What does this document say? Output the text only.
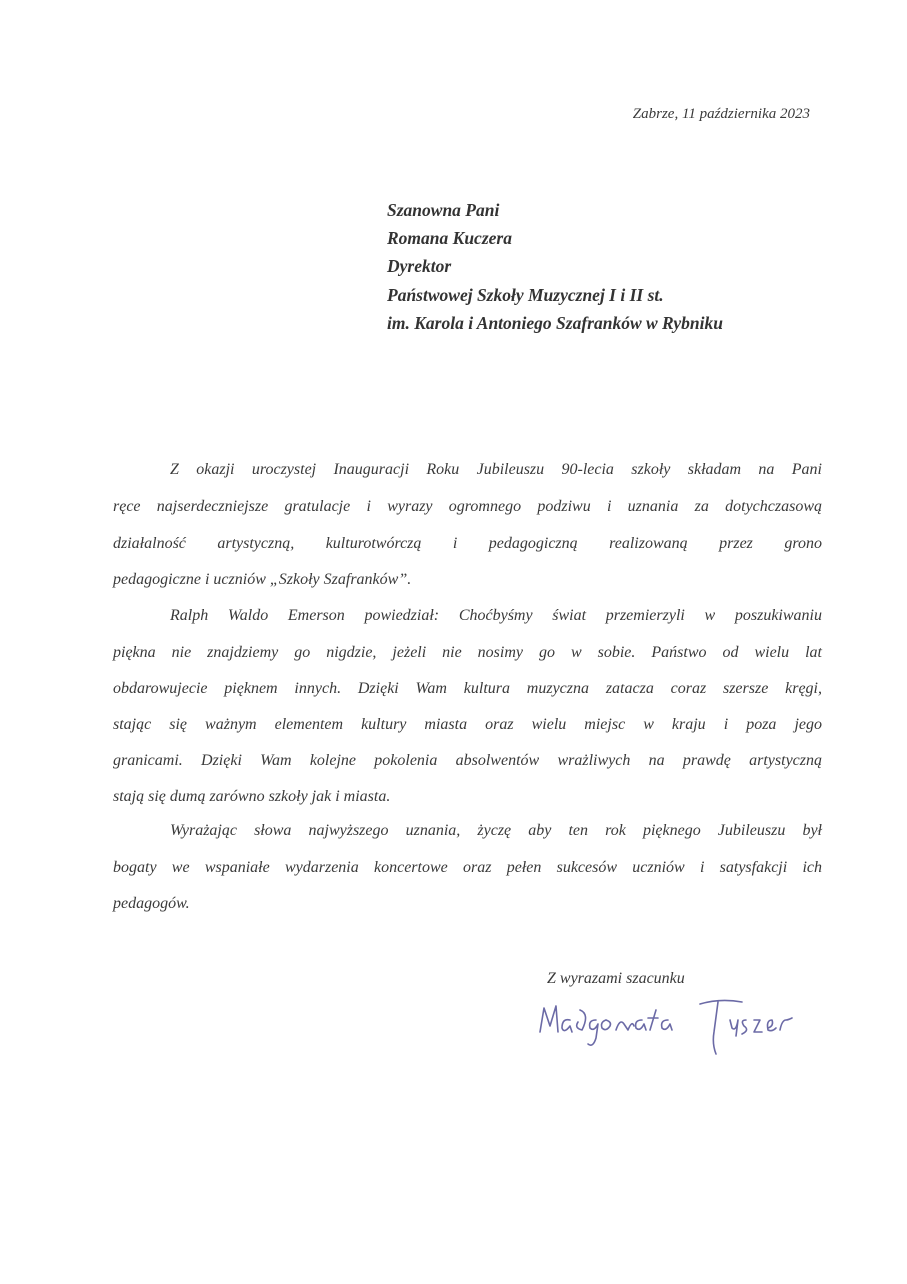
Zabrze, 11 października 2023
Szanowna Pani
Romana Kuczera
Dyrektor
Państwowej Szkoły Muzycznej I i II st.
im. Karola i Antoniego Szafranków w Rybniku
Z okazji uroczystej Inauguracji Roku Jubileuszu 90-lecia szkoły składam na Pani
ręce najserdeczniejsze gratulacje i wyrazy ogromnego podziwu i uznania za dotychczasową
działalność artystyczną, kulturotwórczą i pedagogiczną realizowaną przez grono
pedagogiczne i uczniów „Szkoły Szafranków”.
Ralph Waldo Emerson powiedział: Choćbyśmy świat przemierzyli w poszukiwaniu
piękna nie znajdziemy go nigdzie, jeżeli nie nosimy go w sobie. Państwo od wielu lat
obdarowujecie pięknem innych. Dzięki Wam kultura muzyczna zatacza coraz szersze kręgi,
stając się ważnym elementem kultury miasta oraz wielu miejsc w kraju i poza jego
granicami. Dzięki Wam kolejne pokolenia absolwentów wrażliwych na prawdę artystyczną
stają się dumą zarówno szkoły jak i miasta.
Wyrażając słowa najwyższego uznania, życzę aby ten rok pięknego Jubileuszu był
bogaty we wspaniałe wydarzenia koncertowe oraz pełen sukcesów uczniów i satysfakcji ich
pedagogów.
Z wyrazami szacunku
